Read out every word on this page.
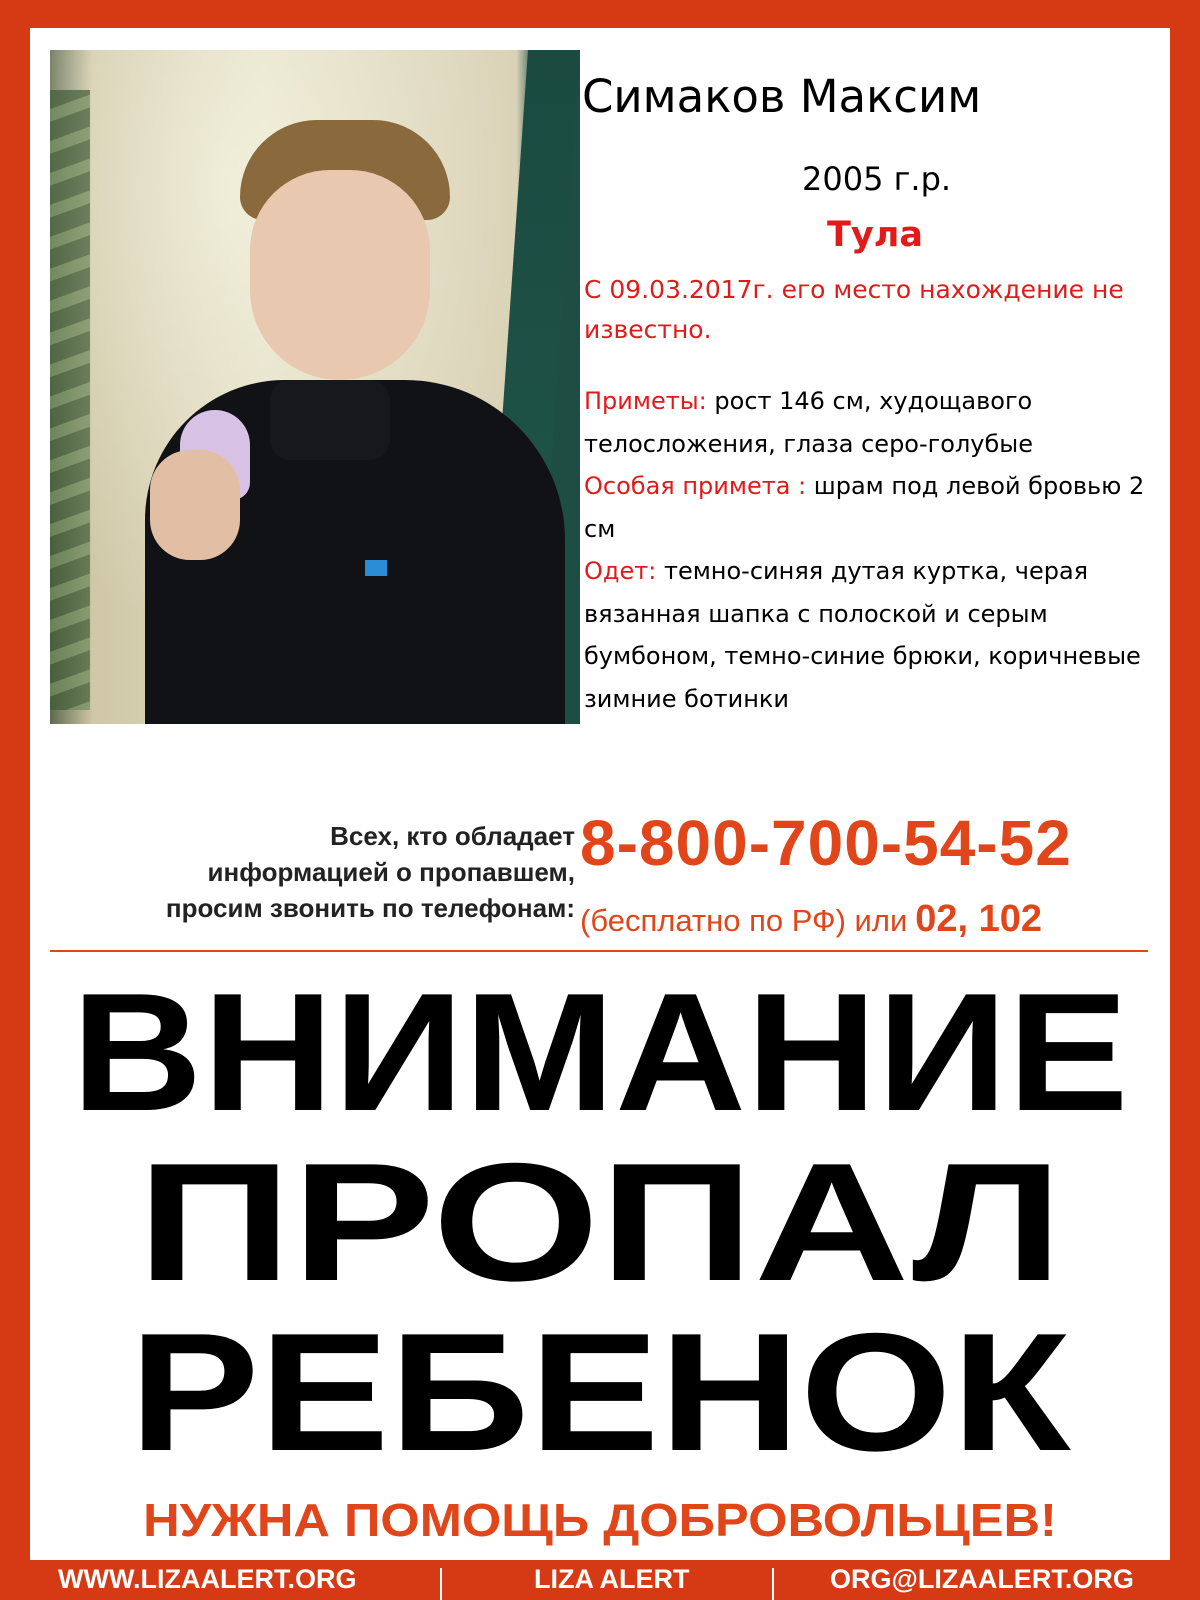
Симаков Максим
2005 г.р.
Тула
С 09.03.2017г. его место нахождение не известно.
Приметы: рост 146 см, худощавого телосложения, глаза серо-голубые
Особая примета : шрам под левой бровью 2 см
Одет: темно-синяя дутая куртка, черая вязанная шапка с полоской и серым бумбоном, темно-синие брюки, коричневые зимние ботинки
Всех, кто обладает
информацией о пропавшем,
просим звонить по телефонам:
8-800-700-54-52
(бесплатно по РФ) или 02, 102
ВНИМАНИЕ
ПРОПАЛ
РЕБЕНОК
НУЖНА ПОМОЩЬ ДОБРОВОЛЬЦЕВ!
WWW.LIZAALERT.ORG	LIZA ALERT	ORG@LIZAALERT.ORG
